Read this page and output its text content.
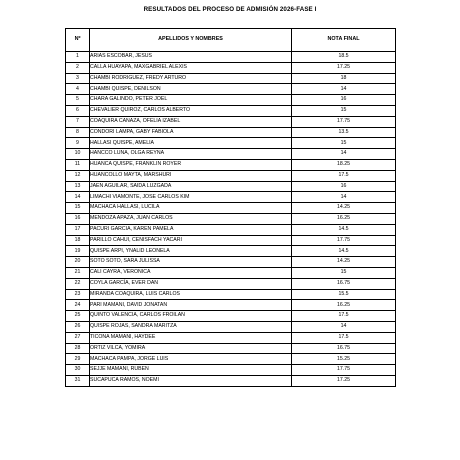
RESULTADOS DEL PROCESO DE ADMISIÓN 2026-FASE I
Nº	APELLIDOS Y NOMBRES	NOTA FINAL
1	ARIAS ESCOBAR, JESUS	18.5
2	CALLA HUAYAPA, MAXGABRIEL ALEXIS	17.25
3	CHAMBI RODRIGUEZ, FREDY ARTURO	18
4	CHAMBI QUISPE, DENILSON	14
5	CHARA GALINDO, PETER JOEL	16
6	CHEVALIER QUIROZ, CARLOS ALBERTO	15
7	COAQUIRA CANAZA, OFELIA IZABEL	17.75
8	CONDORI LAMPA, GABY FABIOLA	13.5
9	HALLASI QUISPE, AMELIA	15
10	HANCCO LUNA, OLGA REYNA	14
11	HUANCA QUISPE, FRANKLIN ROYER	18.25
12	HUANCOLLO MAYTA, MARSHURI	17.5
13	JAEN AGUILAR, SAIDA LUZGADA	16
14	LIMACHI VIAMONTE, JOSE CARLOS KIM	14
15	MACHACA HALLASI, LUCILA	14.25
16	MENDOZA APAZA, JUAN CARLOS	16.25
17	PACURI GARCIA, KAREN PAMELA	14.5
18	PARILLO CAHUI, CENISFACH YACARI	17.75
19	QUISPE ARPI, YNALID LEONELA	14.5
20	SOTO SOTO, SARA JULISSA	14.25
21	CALI CAYRA, VERONICA	15
22	COYLA GARCÍA, EVER DAN	16.75
23	MIRANDA COAQUIRA, LUIS CARLOS	15.5
24	PARI MAMANI, DAVID JONATAN	16.25
25	QUINTO VALENCIA, CARLOS FROILAN	17.5
26	QUISPE ROJAS, SANDRA MARITZA	14
27	TICONA MAMANI, HAYDEE	17.5
28	ORTIZ VILCA, YOMIRA	16.75
29	MACHACA PAMPA, JORGE LUIS	15.25
30	SEJJE MAMANI, RUBEN	17.75
31	SUCAPUCA RAMOS, NOEMI	17.25
